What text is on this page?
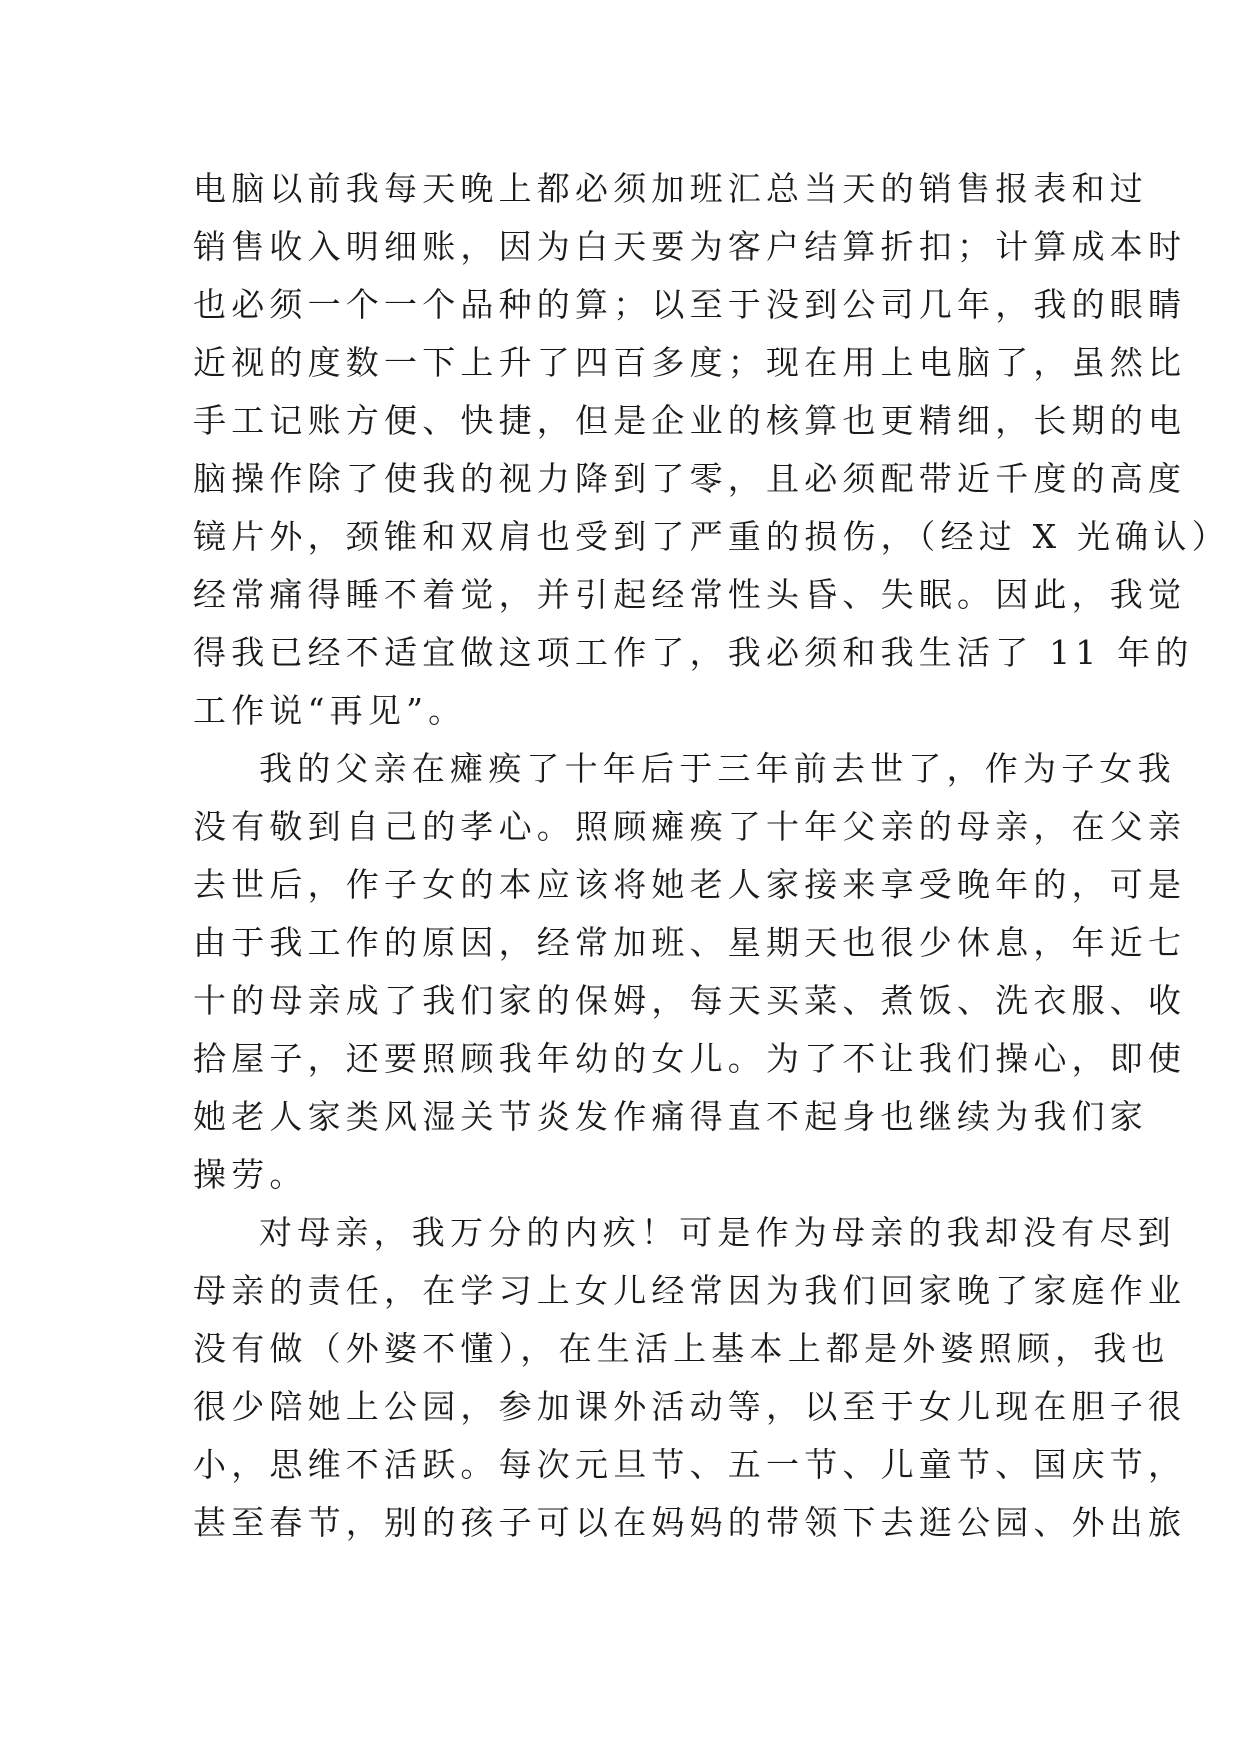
电脑以前我每天晚上都必须加班汇总当天的销售报表和过
销售收入明细账，因为白天要为客户结算折扣；计算成本时
也必须一个一个品种的算；以至于没到公司几年，我的眼睛
近视的度数一下上升了四百多度；现在用上电脑了，虽然比
手工记账方便、快捷，但是企业的核算也更精细，长期的电
脑操作除了使我的视力降到了零，且必须配带近千度的高度
镜片外，颈锥和双肩也受到了严重的损伤，（经过 X 光确认）
经常痛得睡不着觉，并引起经常性头昏、失眠。因此，我觉
得我已经不适宜做这项工作了，我必须和我生活了 11 年的
工作说“再见”。
我的父亲在瘫痪了十年后于三年前去世了，作为子女我
没有敬到自己的孝心。照顾瘫痪了十年父亲的母亲，在父亲
去世后，作子女的本应该将她老人家接来享受晚年的，可是
由于我工作的原因，经常加班、星期天也很少休息，年近七
十的母亲成了我们家的保姆，每天买菜、煮饭、洗衣服、收
拾屋子，还要照顾我年幼的女儿。为了不让我们操心，即使
她老人家类风湿关节炎发作痛得直不起身也继续为我们家
操劳。
对母亲，我万分的内疚！可是作为母亲的我却没有尽到
母亲的责任，在学习上女儿经常因为我们回家晚了家庭作业
没有做（外婆不懂），在生活上基本上都是外婆照顾，我也
很少陪她上公园，参加课外活动等，以至于女儿现在胆子很
小，思维不活跃。每次元旦节、五一节、儿童节、国庆节，
甚至春节，别的孩子可以在妈妈的带领下去逛公园、外出旅
